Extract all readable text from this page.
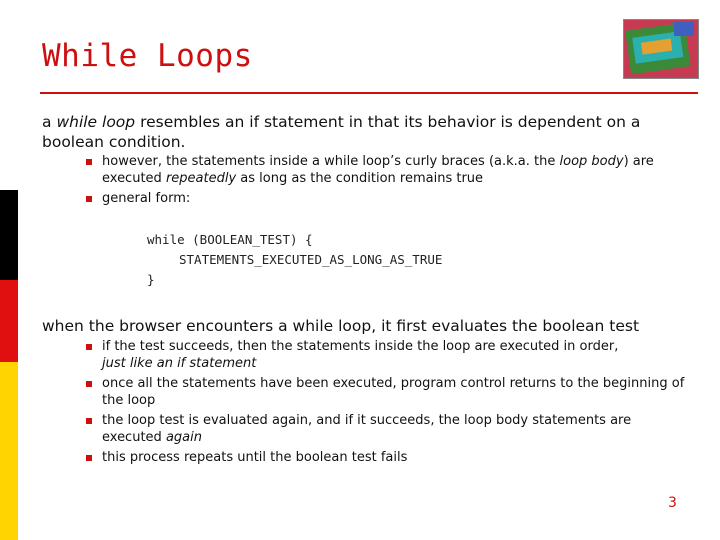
While Loops
a while loop resembles an if statement in that its behavior is dependent on a boolean condition.
however, the statements inside a while loop’s curly braces (a.k.a. the loop body) are executed repeatedly as long as the condition remains true
general form:
while (BOOLEAN_TEST) {
STATEMENTS_EXECUTED_AS_LONG_AS_TRUE
}
when the browser encounters a while loop, it first evaluates the boolean test
if the test succeeds, then the statements inside the loop are executed in order,
just like an if statement
once all the statements have been executed, program control returns to the beginning of the loop
the loop test is evaluated again, and if it succeeds, the loop body statements are executed again
this process repeats until the boolean test fails
3
